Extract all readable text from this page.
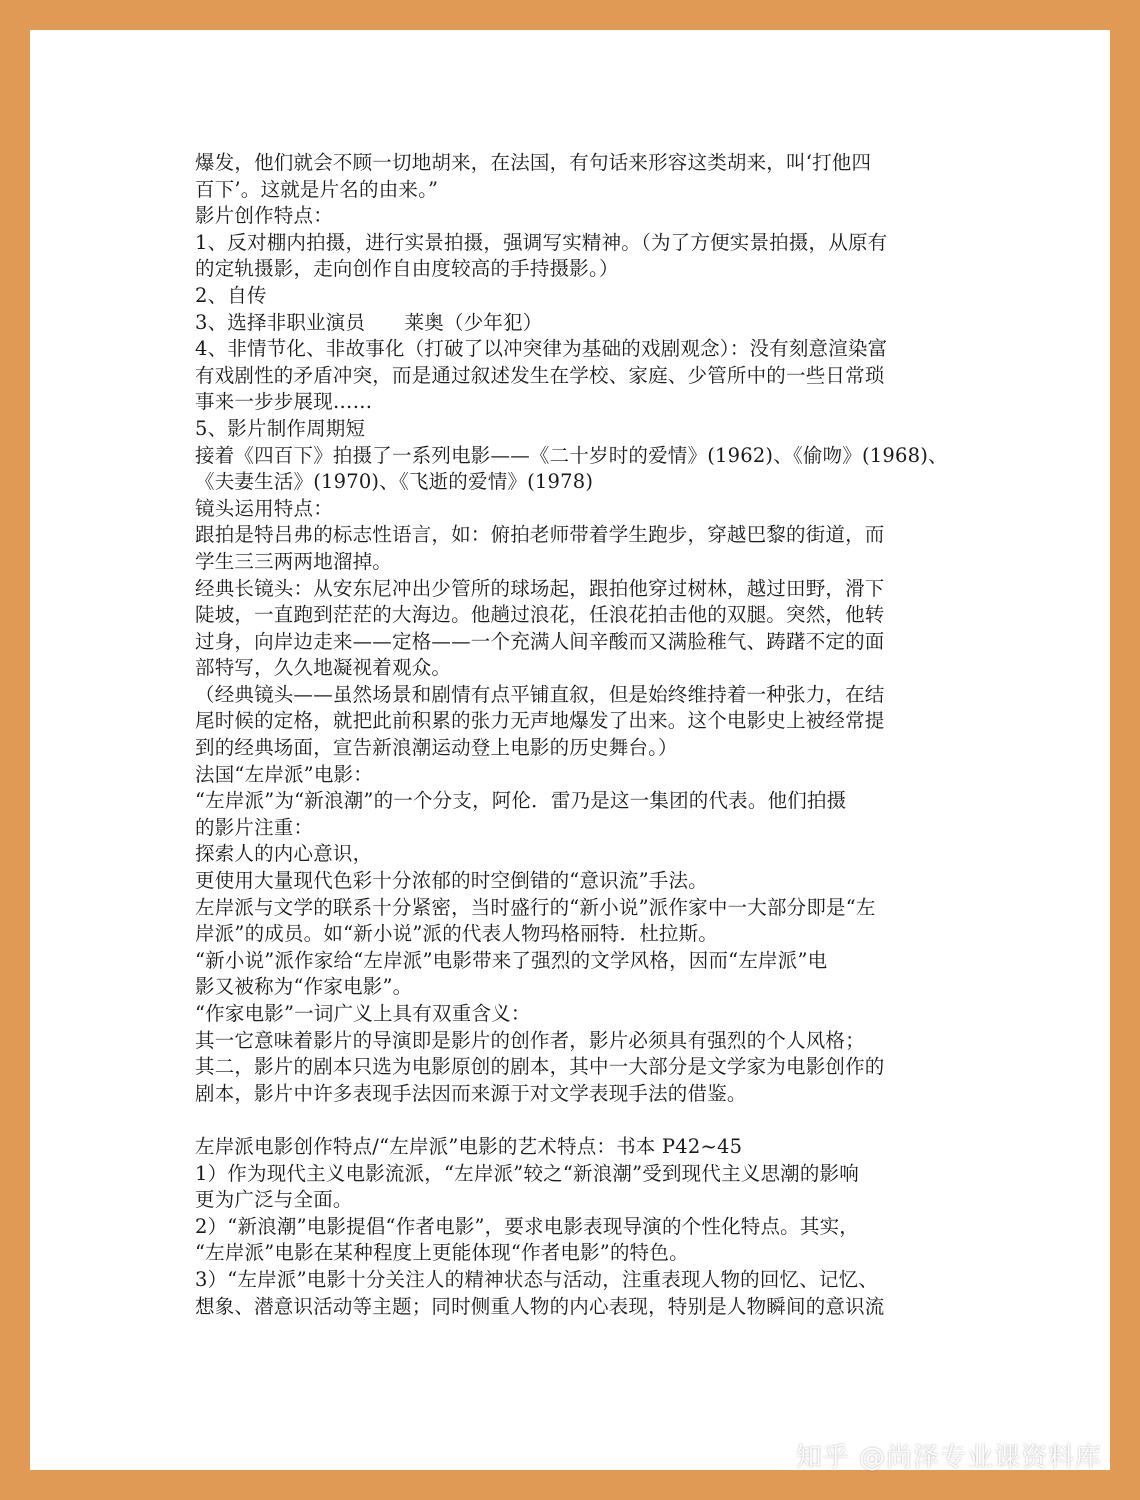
爆发，他们就会不顾一切地胡来，在法国，有句话来形容这类胡来，叫‘打他四
百下’。这就是片名的由来。”
影片创作特点：
1、反对棚内拍摄，进行实景拍摄，强调写实精神。（为了方便实景拍摄，从原有
的定轨摄影，走向创作自由度较高的手持摄影。）
2、自传
3、选择非职业演员　　莱奥（少年犯）
4、非情节化、非故事化（打破了以冲突律为基础的戏剧观念）：没有刻意渲染富
有戏剧性的矛盾冲突，而是通过叙述发生在学校、家庭、少管所中的一些日常琐
事来一步步展现……
5、影片制作周期短
接着《四百下》拍摄了一系列电影——《二十岁时的爱情》(1962)、《偷吻》(1968)、
《夫妻生活》(1970)、《飞逝的爱情》(1978)
镜头运用特点：
跟拍是特吕弗的标志性语言，如：俯拍老师带着学生跑步，穿越巴黎的街道，而
学生三三两两地溜掉。
经典长镜头：从安东尼冲出少管所的球场起，跟拍他穿过树林，越过田野，滑下
陡坡，一直跑到茫茫的大海边。他趟过浪花，任浪花拍击他的双腿。突然，他转
过身，向岸边走来——定格——一个充满人间辛酸而又满脸稚气、踌躇不定的面
部特写，久久地凝视着观众。
（经典镜头——虽然场景和剧情有点平铺直叙，但是始终维持着一种张力，在结
尾时候的定格，就把此前积累的张力无声地爆发了出来。这个电影史上被经常提
到的经典场面，宣告新浪潮运动登上电影的历史舞台。）
法国“左岸派”电影：
“左岸派”为“新浪潮”的一个分支，阿伦．雷乃是这一集团的代表。他们拍摄
的影片注重：
探索人的内心意识，
更使用大量现代色彩十分浓郁的时空倒错的“意识流”手法。
左岸派与文学的联系十分紧密，当时盛行的“新小说”派作家中一大部分即是“左
岸派”的成员。如“新小说”派的代表人物玛格丽特．杜拉斯。
“新小说”派作家给“左岸派”电影带来了强烈的文学风格，因而“左岸派”电
影又被称为“作家电影”。
“作家电影”一词广义上具有双重含义：
其一它意味着影片的导演即是影片的创作者，影片必须具有强烈的个人风格；
其二，影片的剧本只选为电影原创的剧本，其中一大部分是文学家为电影创作的
剧本，影片中许多表现手法因而来源于对文学表现手法的借鉴。
左岸派电影创作特点/“左岸派”电影的艺术特点：书本 P42~45
1）作为现代主义电影流派，“左岸派”较之“新浪潮”受到现代主义思潮的影响
更为广泛与全面。
2）“新浪潮”电影提倡“作者电影”，要求电影表现导演的个性化特点。其实，
“左岸派”电影在某种程度上更能体现“作者电影”的特色。
3）“左岸派”电影十分关注人的精神状态与活动，注重表现人物的回忆、记忆、
想象、潜意识活动等主题；同时侧重人物的内心表现，特别是人物瞬间的意识流
知乎 @尚泽专业课资料库
